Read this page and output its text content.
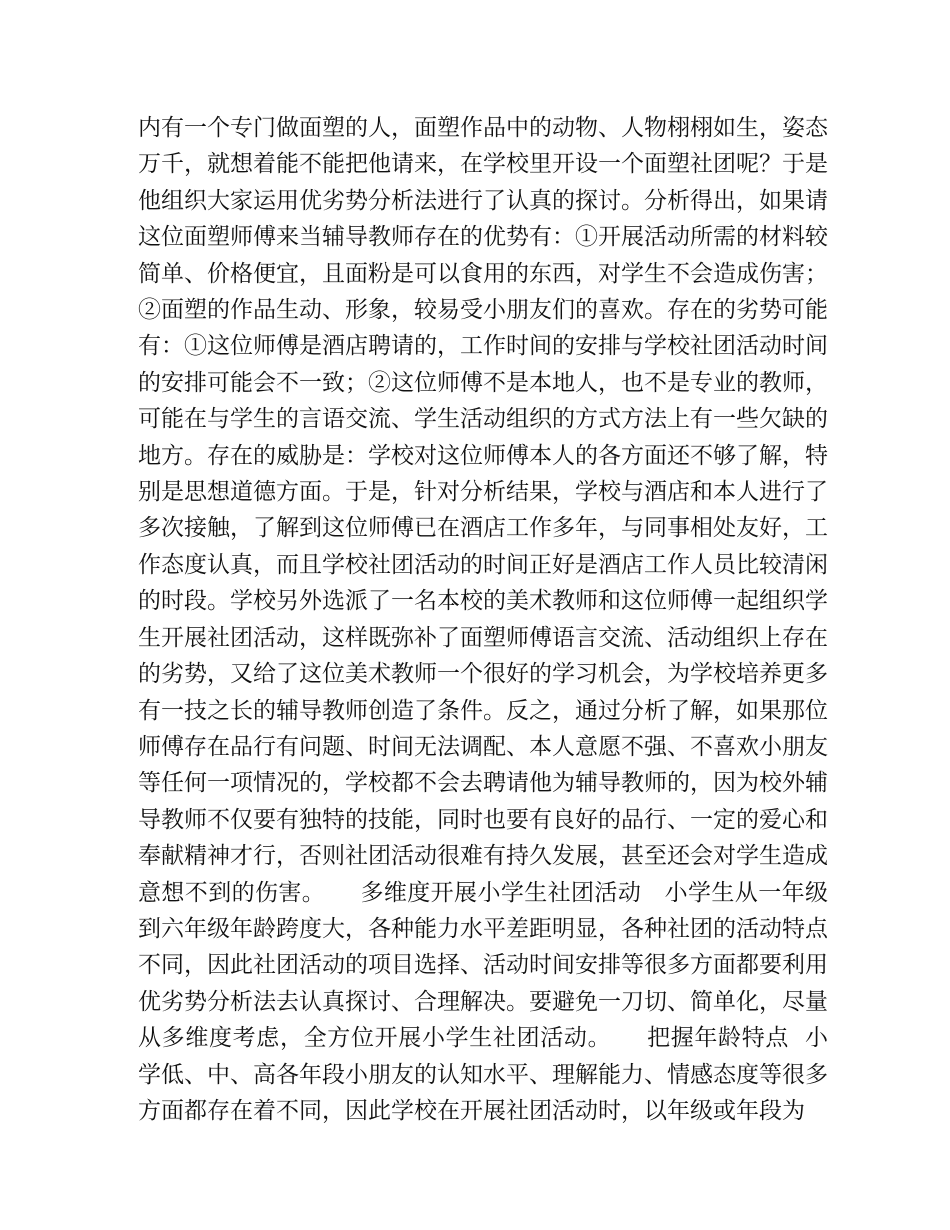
内有一个专门做面塑的人，面塑作品中的动物、人物栩栩如生，姿态万千，就想着能不能把他请来，在学校里开设一个面塑社团呢？于是他组织大家运用优劣势分析法进行了认真的探讨。分析得出，如果请这位面塑师傅来当辅导教师存在的优势有：①开展活动所需的材料较简单、价格便宜，且面粉是可以食用的东西，对学生不会造成伤害；②面塑的作品生动、形象，较易受小朋友们的喜欢。存在的劣势可能有：①这位师傅是酒店聘请的，工作时间的安排与学校社团活动时间的安排可能会不一致；②这位师傅不是本地人，也不是专业的教师，可能在与学生的言语交流、学生活动组织的方式方法上有一些欠缺的地方。存在的威胁是：学校对这位师傅本人的各方面还不够了解，特别是思想道德方面。于是，针对分析结果，学校与酒店和本人进行了多次接触，了解到这位师傅已在酒店工作多年，与同事相处友好，工作态度认真，而且学校社团活动的时间正好是酒店工作人员比较清闲的时段。学校另外选派了一名本校的美术教师和这位师傅一起组织学生开展社团活动，这样既弥补了面塑师傅语言交流、活动组织上存在的劣势，又给了这位美术教师一个很好的学习机会，为学校培养更多有一技之长的辅导教师创造了条件。反之，通过分析了解，如果那位师傅存在品行有问题、时间无法调配、本人意愿不强、不喜欢小朋友等任何一项情况的，学校都不会去聘请他为辅导教师的，因为校外辅导教师不仅要有独特的技能，同时也要有良好的品行、一定的爱心和奉献精神才行，否则社团活动很难有持久发展，甚至还会对学生造成意想不到的伤害。　　多维度开展小学生社团活动　小学生从一年级到六年级年龄跨度大，各种能力水平差距明显，各种社团的活动特点不同，因此社团活动的项目选择、活动时间安排等很多方面都要利用优劣势分析法去认真探讨、合理解决。要避免一刀切、简单化，尽量从多维度考虑，全方位开展小学生社团活动。　　把握年龄特点  小学低、中、高各年段小朋友的认知水平、理解能力、情感态度等很多方面都存在着不同，因此学校在开展社团活动时，以年级或年段为
